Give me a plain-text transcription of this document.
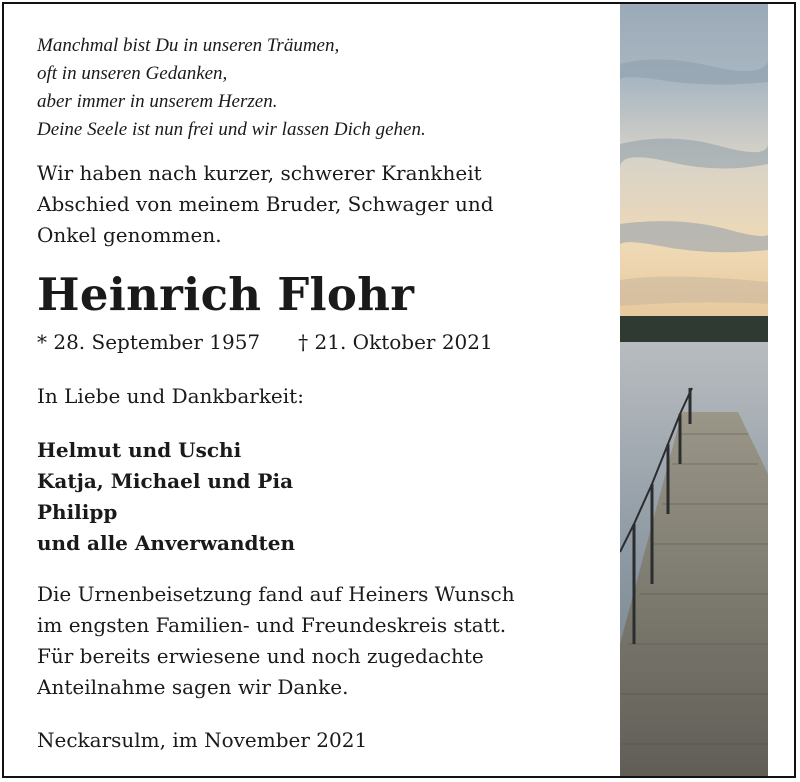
Manchmal bist Du in unseren Träumen,
oft in unseren Gedanken,
aber immer in unserem Herzen.
Deine Seele ist nun frei und wir lassen Dich gehen.
Wir haben nach kurzer, schwerer Krankheit
Abschied von meinem Bruder, Schwager und
Onkel genommen.
Heinrich Flohr
* 28. September 1957 † 21. Oktober 2021
In Liebe und Dankbarkeit:
Helmut und Uschi
Katja, Michael und Pia
Philipp
und alle Anverwandten
Die Urnenbeisetzung fand auf Heiners Wunsch
im engsten Familien- und Freundeskreis statt.
Für bereits erwiesene und noch zugedachte
Anteilnahme sagen wir Danke.
Neckarsulm, im November 2021
